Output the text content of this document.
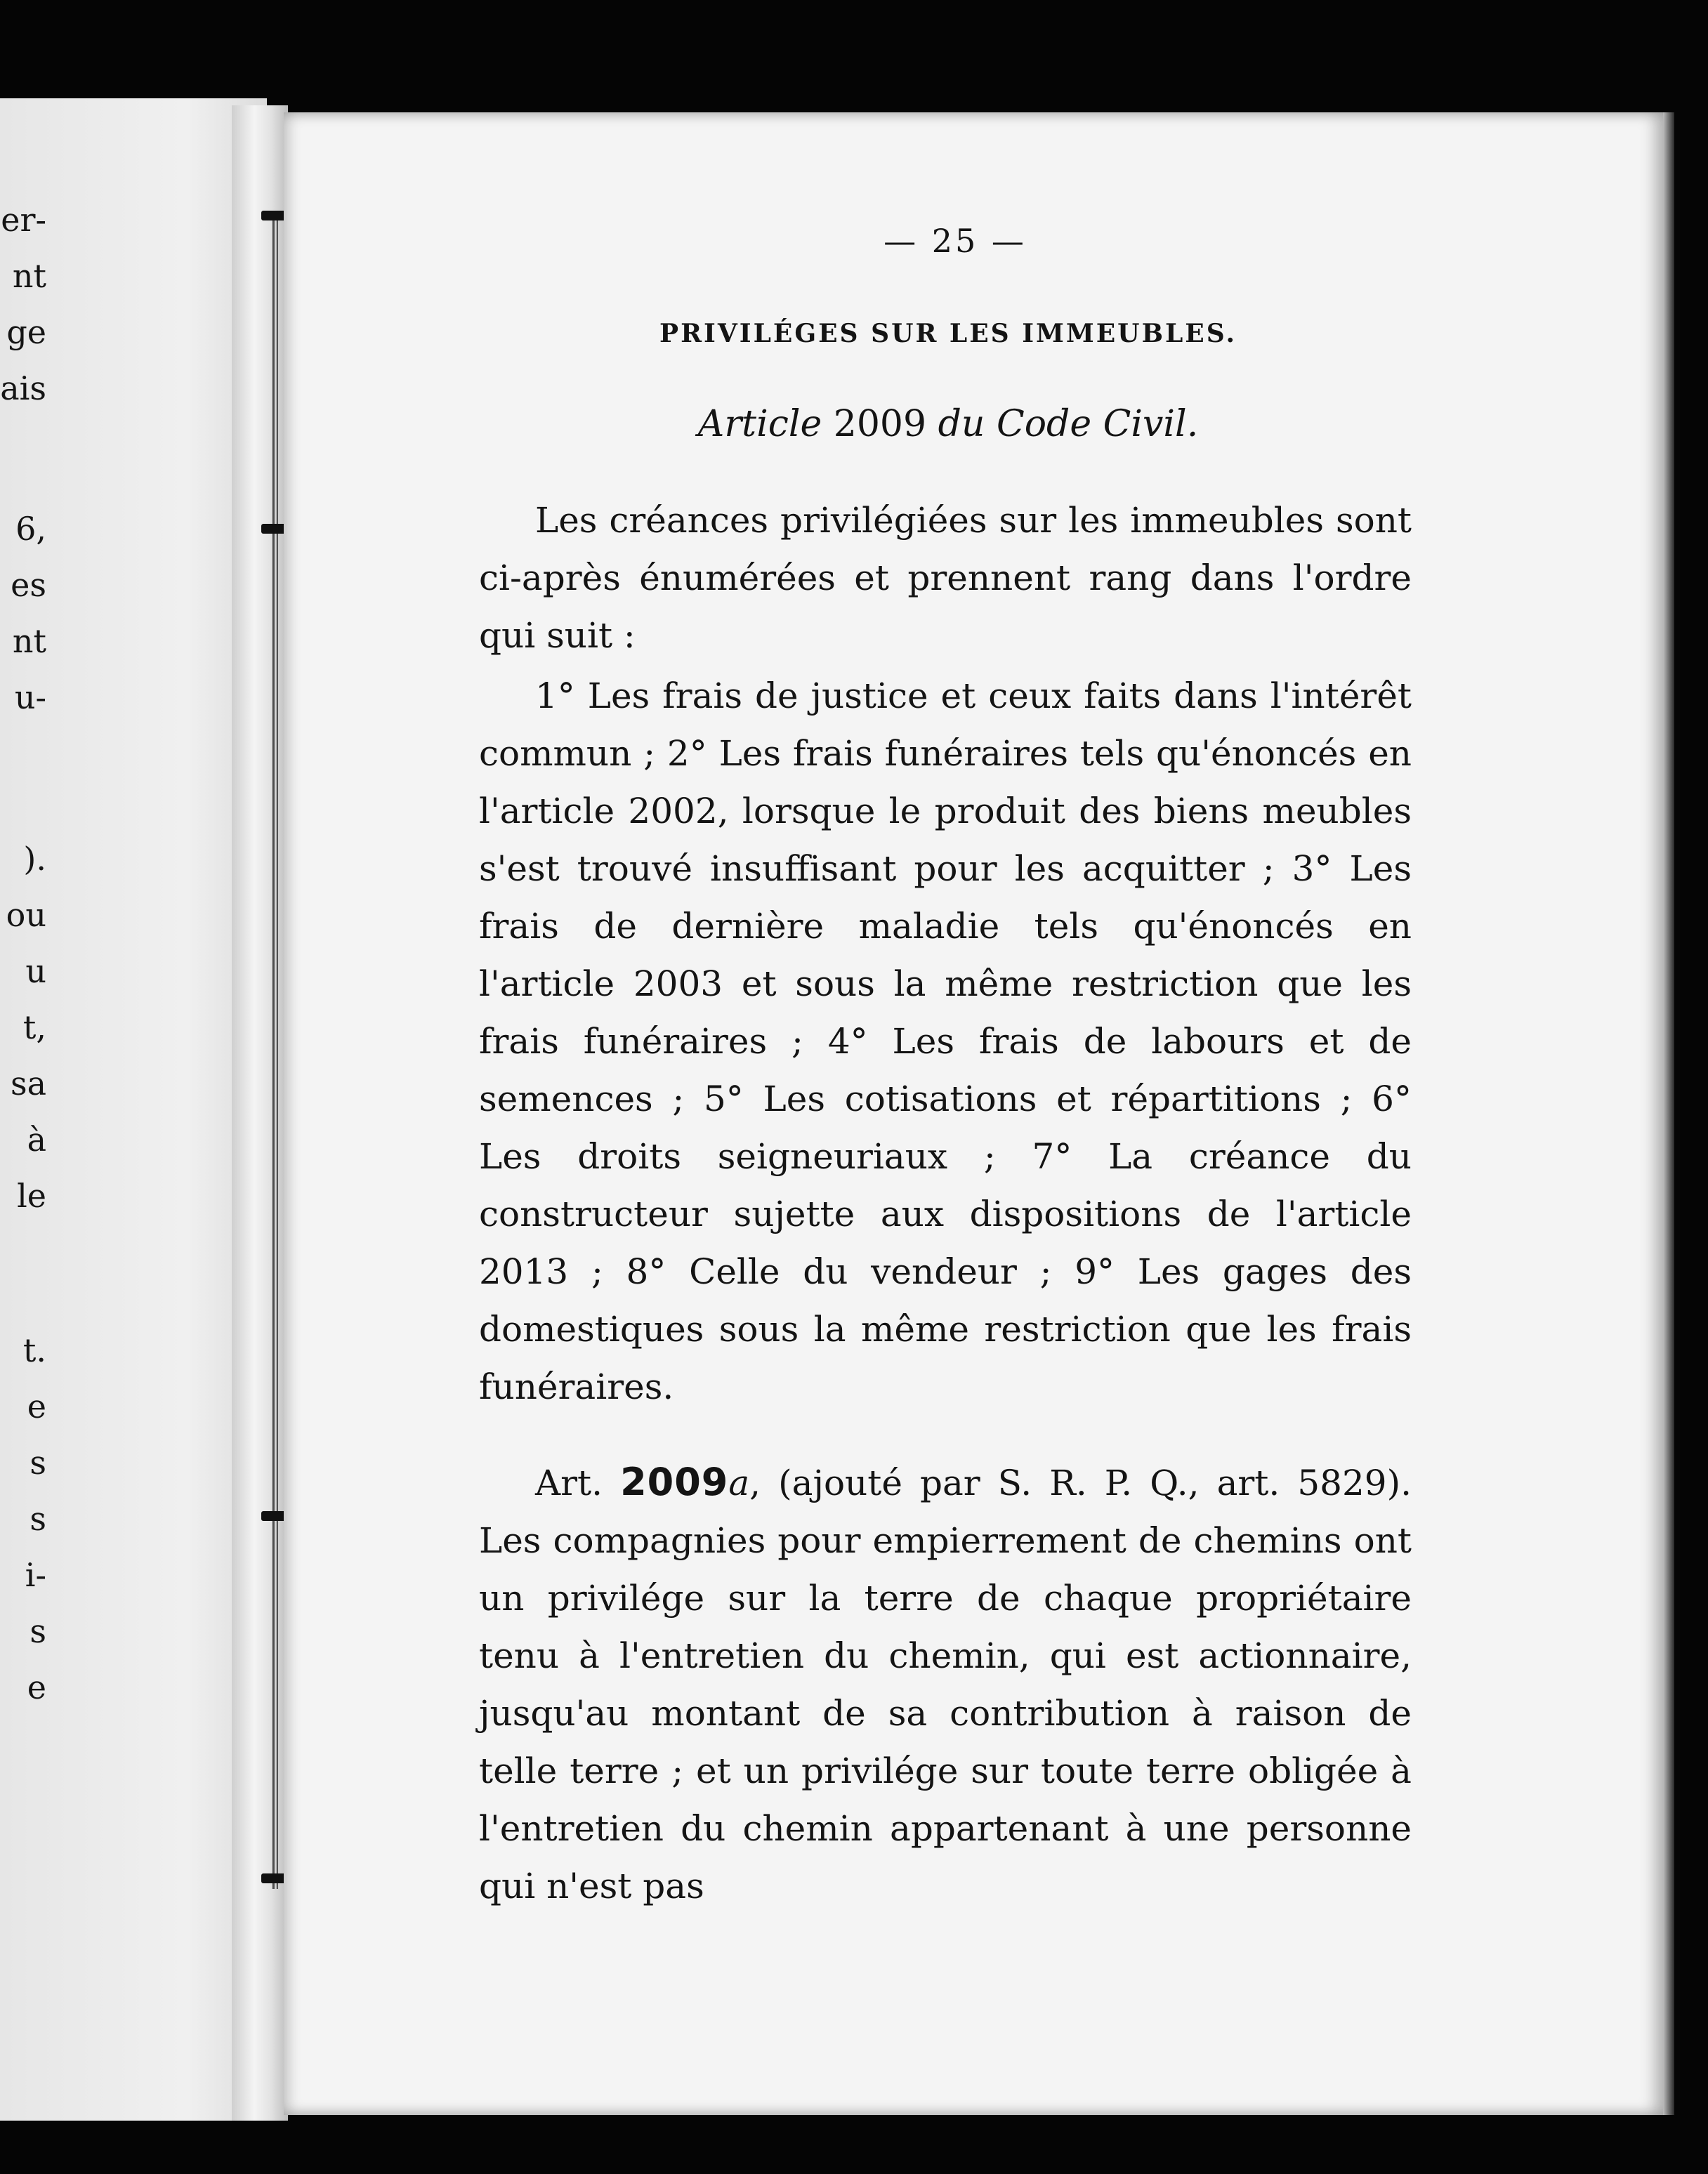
er-
nt
ge
ais
6,
es
nt
u-
).
ou
u
t,
sa
à
le
t.
e
s
s
i-
s
e
— 25 —
PRIVILÉGES SUR LES IMMEUBLES.
Article 2009 du Code Civil.

Les créances privilégiées sur les immeubles sont ci-après énumérées et prennent rang dans l'ordre qui suit :

1° Les frais de justice et ceux faits dans l'intérêt commun ; 2° Les frais funéraires tels qu'énoncés en l'article 2002, lorsque le produit des biens meubles s'est trouvé insuffisant pour les acquitter ; 3° Les frais de dernière maladie tels qu'énoncés en l'article 2003 et sous la même restriction que les frais funéraires ; 4° Les frais de labours et de semences ; 5° Les cotisations et répartitions ; 6° Les droits seigneuriaux ; 7° La créance du constructeur sujette aux dispositions de l'article 2013 ; 8° Celle du vendeur ; 9° Les gages des domestiques sous la même restriction que les frais funéraires.

Art. 2009a, (ajouté par S. R. P. Q., art. 5829). Les compagnies pour empierrement de chemins ont un privilége sur la terre de chaque propriétaire tenu à l'entretien du chemin, qui est actionnaire, jusqu'au montant de sa contribution à raison de telle terre ; et un privilége sur toute terre obligée à l'entretien du chemin appartenant à une personne qui n'est pas
